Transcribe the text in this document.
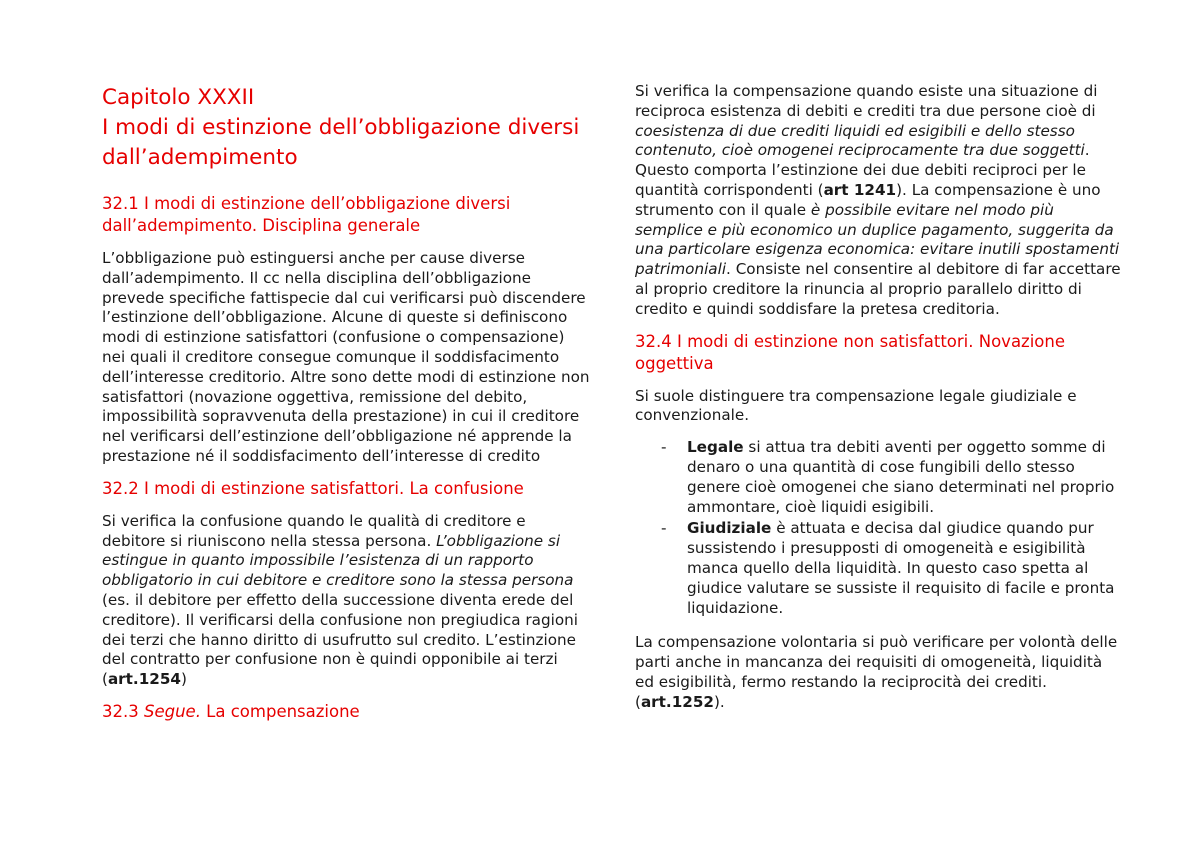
Capitolo XXXII
I modi di estinzione dell’obbligazione diversi dall’adempimento
32.1 I modi di estinzione dell’obbligazione diversi dall’adempimento. Disciplina generale

L’obbligazione può estinguersi anche per cause diverse dall’adempimento. Il cc nella disciplina dell’obbligazione prevede specifiche fattispecie dal cui verificarsi può discendere l’estinzione dell’obbligazione. Alcune di queste si definiscono modi di estinzione satisfattori (confusione o compensazione) nei quali il creditore consegue comunque il soddisfacimento dell’interesse creditorio. Altre sono dette modi di estinzione non satisfattori (novazione oggettiva, remissione del debito, impossibilità sopravvenuta della prestazione) in cui il creditore nel verificarsi dell’estinzione dell’obbligazione né apprende la prestazione né il soddisfacimento dell’interesse di credito

32.2 I modi di estinzione satisfattori. La confusione

Si verifica la confusione quando le qualità di creditore e debitore si riuniscono nella stessa persona. L’obbligazione si estingue in quanto impossibile l’esistenza di un rapporto obbligatorio in cui debitore e creditore sono la stessa persona (es. il debitore per effetto della successione diventa erede del creditore). Il verificarsi della confusione non pregiudica ragioni dei terzi che hanno diritto di usufrutto sul credito. L’estinzione del contratto per confusione non è quindi opponibile ai terzi (art.1254)

32.3 Segue. La compensazione

Si verifica la compensazione quando esiste una situazione di reciproca esistenza di debiti e crediti tra due persone cioè di coesistenza di due crediti liquidi ed esigibili e dello stesso contenuto, cioè omogenei reciprocamente tra due soggetti. Questo comporta l’estinzione dei due debiti reciproci per le quantità corrispondenti (art 1241). La compensazione è uno strumento con il quale è possibile evitare nel modo più semplice e più economico un duplice pagamento, suggerita da una particolare esigenza economica: evitare inutili spostamenti patrimoniali. Consiste nel consentire al debitore di far accettare al proprio creditore la rinuncia al proprio parallelo diritto di credito e quindi soddisfare la pretesa creditoria.

32.4 I modi di estinzione non satisfattori. Novazione oggettiva

Si suole distinguere tra compensazione legale giudiziale e convenzionale.

- Legale si attua tra debiti aventi per oggetto somme di denaro o una quantità di cose fungibili dello stesso genere cioè omogenei che siano determinati nel proprio ammontare, cioè liquidi esigibili.
- Giudiziale è attuata e decisa dal giudice quando pur sussistendo i presupposti di omogeneità e esigibilità manca quello della liquidità. In questo caso spetta al giudice valutare se sussiste il requisito di facile e pronta liquidazione.

La compensazione volontaria si può verificare per volontà delle parti anche in mancanza dei requisiti di omogeneità, liquidità ed esigibilità, fermo restando la reciprocità dei crediti. (art.1252).
